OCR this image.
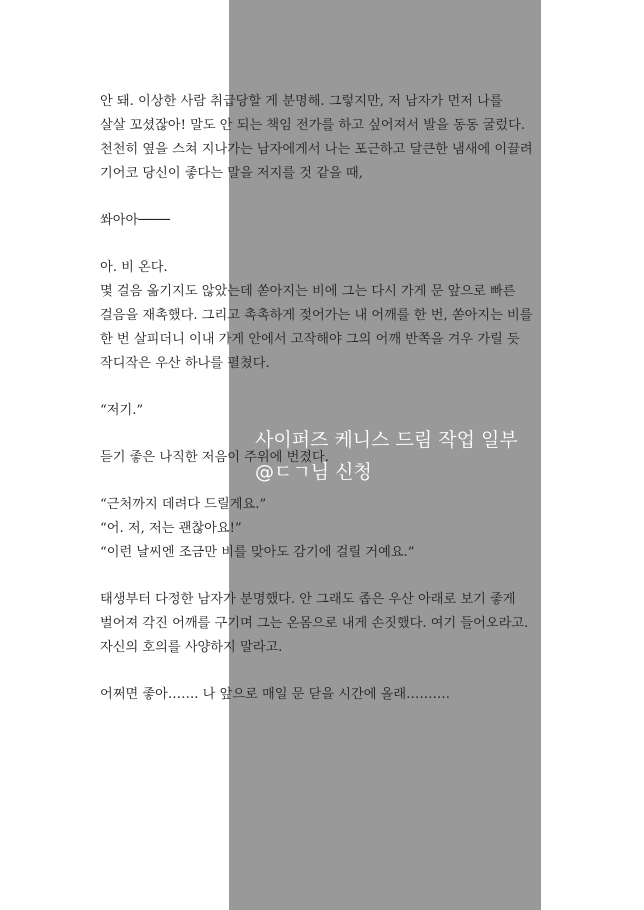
안 돼. 이상한 사람 취급당할 게 분명해. 그렇지만, 저 남자가 먼저 나를
살살 꼬셨잖아! 말도 안 되는 책임 전가를 하고 싶어져서 발을 동동 굴렀다.
천천히 옆을 스쳐 지나가는 남자에게서 나는 포근하고 달큰한 냄새에 이끌려
기어코 당신이 좋다는 말을 저지를 것 같을 때,

쏴아아────

아. 비 온다.

몇 걸음 옮기지도 않았는데 쏟아지는 비에 그는 다시 가게 문 앞으로 빠른
걸음을 재촉했다. 그리고 촉촉하게 젖어가는 내 어깨를 한 번, 쏟아지는 비를
한 번 살피더니 이내 가게 안에서 고작해야 그의 어깨 반쪽을 겨우 가릴 듯
작디작은 우산 하나를 펼쳤다.

“저기.”

듣기 좋은 나직한 저음이 주위에 번졌다.

“근처까지 데려다 드릴게요.”

“어. 저, 저는 괜찮아요!”

“이런 날씨엔 조금만 비를 맞아도 감기에 걸릴 거예요.”

태생부터 다정한 남자가 분명했다. 안 그래도 좁은 우산 아래로 보기 좋게
벌어져 각진 어깨를 구기며 그는 온몸으로 내게 손짓했다. 여기 들어오라고.
자신의 호의를 사양하지 말라고.

어쩌면 좋아……. 나 앞으로 매일 문 닫을 시간에 올래……….

사이퍼즈 케니스 드림 작업 일부
@ㄷㄱ님 신청
